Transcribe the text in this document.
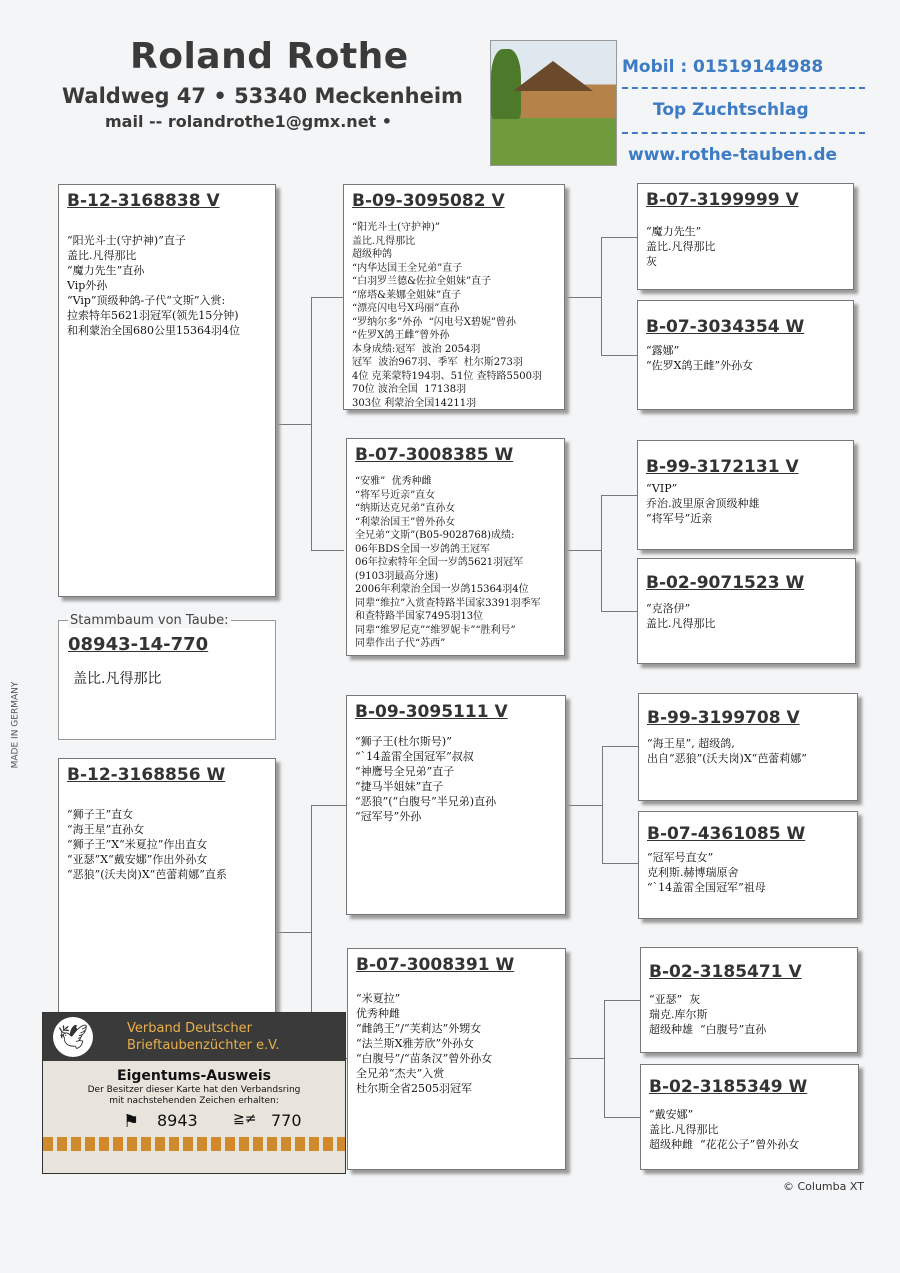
Roland Rothe
Waldweg 47 • 53340 Meckenheim
mail -- rolandrothe1@gmx.net •
Mobil : 01519144988
Top Zuchtschlag
www.rothe-tauben.de
B-12-3168838 V
“阳光斗士(守护神)”直子
盖比.凡得那比
“魔力先生”直孙
Vip外孙
“Vip”顶级种鸽-子代“文斯”入赏:
拉索特年5621羽冠军(领先15分钟)
和利蒙治全国680公里15364羽4位
Stammbaum von Taube:
08943-14-770
盖比.凡得那比
B-12-3168856 W
“狮子王”直女
“海王星”直孙女
“狮子王”X“米夏拉”作出直女
“亚瑟”X“戴安娜”作出外孙女
“恶狼”(沃夫岗)X“芭蕾莉娜”直系
B-09-3095082 V
“阳光斗士(守护神)”
盖比.凡得那比
超级种鸽
“内华达国王全兄弟”直子
“白羽罗兰德&佐拉全姐妹”直子
“席塔&莱娜全姐妹”直子
“漂亮闪电号X玛丽”直孙
“罗纳尔多”外孙  “闪电号X碧妮”曾孙
“佐罗X鸽王雌”曾外孙
本身成绩:冠军  波治 2054羽
冠军  波治967羽、季军  杜尔斯273羽
4位 克莱蒙特194羽、51位 查特路5500羽
70位 波治全国  17138羽
303位 利蒙治全国14211羽
B-07-3008385 W
“安雅”  优秀种雌
“将军号近亲”直女
“纳斯达克兄弟”直孙女
“利蒙治国王”曾外孙女
全兄弟“文斯”(B05-9028768)成绩:
06年BDS全国一岁鸽鸽王冠军
06年拉索特年全国一岁鸽5621羽冠军
(9103羽最高分速)
2006年利蒙治全国一岁鸽15364羽4位
同辈“维拉”入赏查特路半国家3391羽季军
和查特路半国家7495羽13位
同辈“维罗尼克”“维罗妮卡”“胜利号”
同辈作出子代“苏西”
B-09-3095111 V
“狮子王(杜尔斯号)”
“`14盖雷全国冠军”叔叔
“神鹰号全兄弟”直子
“捷马半姐妹”直子
“恶狼”(“白腹号”半兄弟)直孙
“冠军号”外孙
B-07-3008391 W
“米夏拉”
优秀种雌
“雌鸽王”/“芙莉达”外甥女
“法兰斯X雅芳欣”外孙女
“白腹号”/“苗条汉”曾外孙女
全兄弟“杰夫”入赏
杜尔斯全省2505羽冠军
B-07-3199999 V
“魔力先生”
盖比.凡得那比
灰
B-07-3034354 W
“露娜”
“佐罗X鸽王雌”外孙女
B-99-3172131 V
“VIP”
乔治.波里原舍顶级种雄
“将军号”近亲
B-02-9071523 W
“克洛伊”
盖比.凡得那比
B-99-3199708 V
“海王星”, 超级鸽,
出自“恶狼”(沃夫岗)X“芭蕾莉娜”
B-07-4361085 W
“冠军号直女”
克利斯.赫博瑞原舍
“`14盖雷全国冠军”祖母
B-02-3185471 V
“亚瑟”  灰
瑞克.库尔斯
超级种雄  “白腹号”直孙
B-02-3185349 W
“戴安娜”
盖比.凡得那比
超级种雌  “花花公子”曾外孙女
🕊	Verband Deutscher
Brieftaubenzüchter e.V.
Eigentums-Ausweis
Der Besitzer dieser Karte hat den Verbandsring
mit nachstehenden Zeichen erhalten:
⚑ 8943	≧≠ 770
MADE IN GERMANY
© Columba XT
